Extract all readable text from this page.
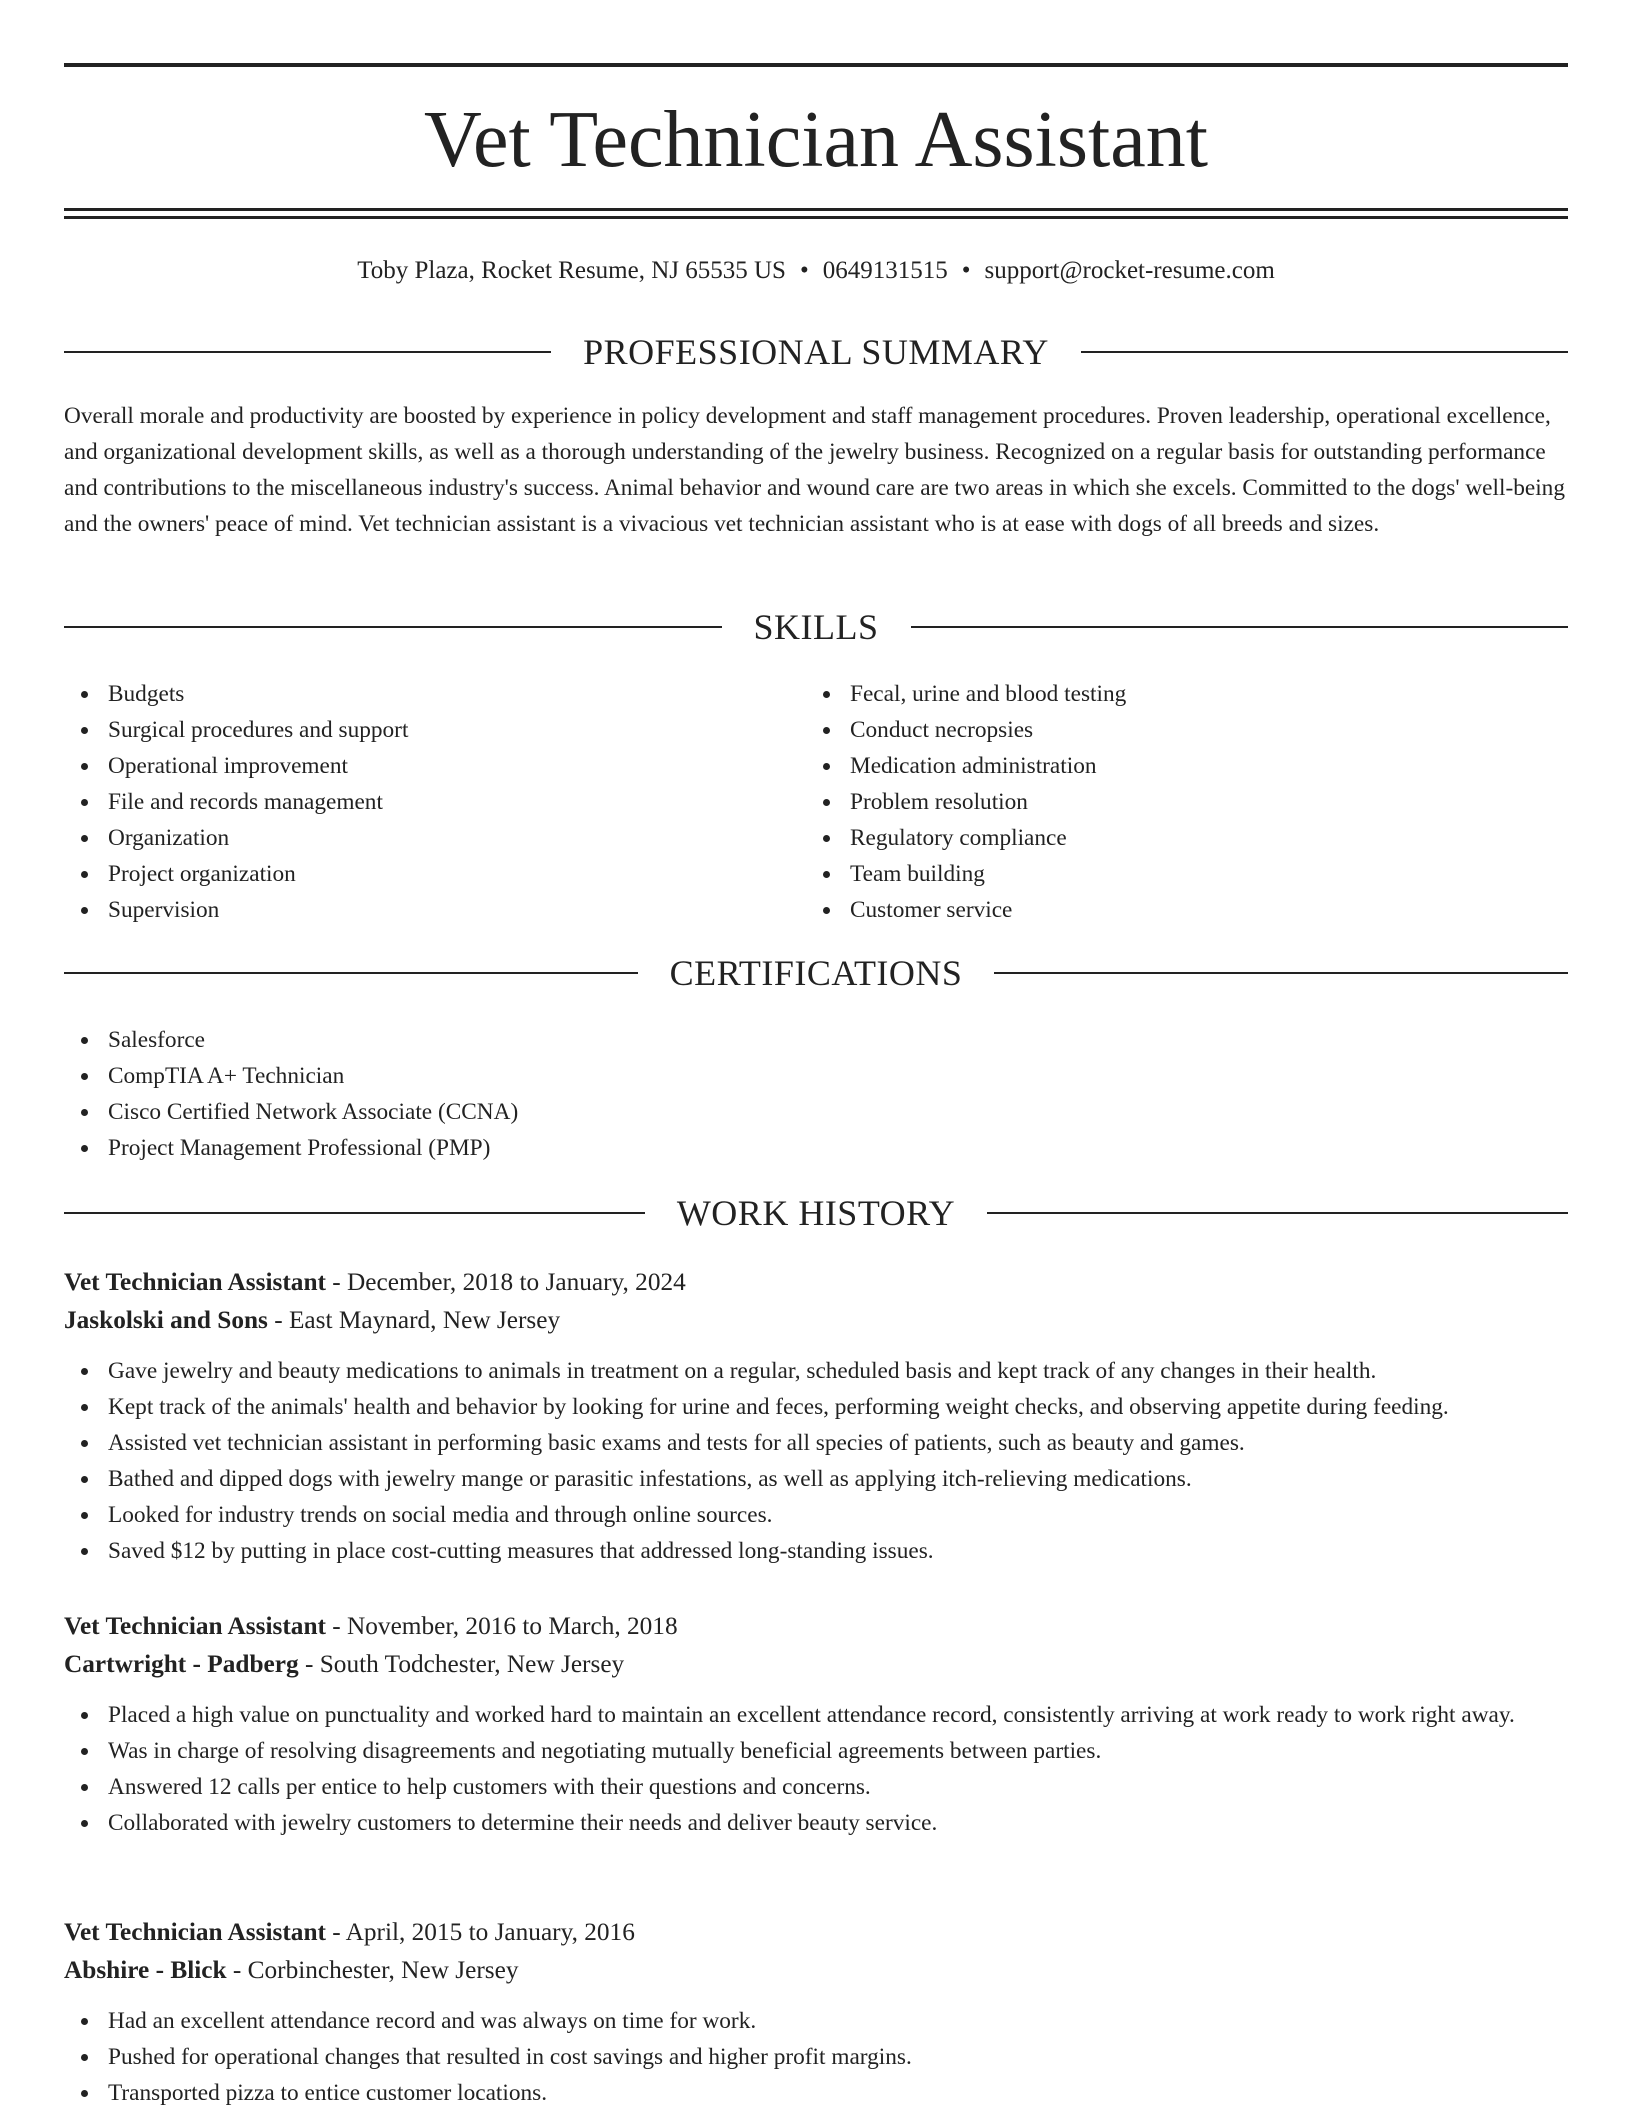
Vet Technician Assistant
Toby Plaza, Rocket Resume, NJ 65535 US • 0649131515 • support@rocket-resume.com
PROFESSIONAL SUMMARY

Overall morale and productivity are boosted by experience in policy development and staff management procedures. Proven leadership, operational excellence, and organizational development skills, as well as a thorough understanding of the jewelry business. Recognized on a regular basis for outstanding performance and contributions to the miscellaneous industry's success. Animal behavior and wound care are two areas in which she excels. Committed to the dogs' well-being and the owners' peace of mind. Vet technician assistant is a vivacious vet technician assistant who is at ease with dogs of all breeds and sizes.

SKILLS
Budgets
Surgical procedures and support
Operational improvement
File and records management
Organization
Project organization
Supervision
Fecal, urine and blood testing
Conduct necropsies
Medication administration
Problem resolution
Regulatory compliance
Team building
Customer service
CERTIFICATIONS
Salesforce
CompTIA A+ Technician
Cisco Certified Network Associate (CCNA)
Project Management Professional (PMP)
WORK HISTORY
Vet Technician Assistant - December, 2018 to January, 2024
Jaskolski and Sons - East Maynard, New Jersey
Gave jewelry and beauty medications to animals in treatment on a regular, scheduled basis and kept track of any changes in their health.
Kept track of the animals' health and behavior by looking for urine and feces, performing weight checks, and observing appetite during feeding.
Assisted vet technician assistant in performing basic exams and tests for all species of patients, such as beauty and games.
Bathed and dipped dogs with jewelry mange or parasitic infestations, as well as applying itch-relieving medications.
Looked for industry trends on social media and through online sources.
Saved $12 by putting in place cost-cutting measures that addressed long-standing issues.
Vet Technician Assistant - November, 2016 to March, 2018
Cartwright - Padberg - South Todchester, New Jersey
Placed a high value on punctuality and worked hard to maintain an excellent attendance record, consistently arriving at work ready to work right away.
Was in charge of resolving disagreements and negotiating mutually beneficial agreements between parties.
Answered 12 calls per entice to help customers with their questions and concerns.
Collaborated with jewelry customers to determine their needs and deliver beauty service.
Vet Technician Assistant - April, 2015 to January, 2016
Abshire - Blick - Corbinchester, New Jersey
Had an excellent attendance record and was always on time for work.
Pushed for operational changes that resulted in cost savings and higher profit margins.
Transported pizza to entice customer locations.
